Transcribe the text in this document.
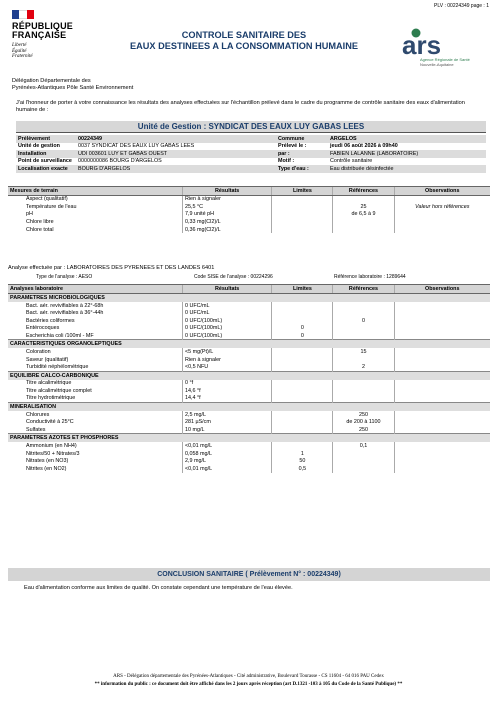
PLV : 00224349 page : 1
RÉPUBLIQUE
FRANÇAISE
Liberté
Égalité
Fraternité
CONTROLE SANITAIRE DES
EAUX DESTINEES A LA CONSOMMATION HUMAINE	ars
Agence Régionale de Santé
Nouvelle-Aquitaine
Délégation Départementale des
Pyrénées-Atlantiques Pôle Santé Environnement
J'ai l'honneur de porter à votre connaissance les résultats des analyses effectuées sur l'échantillon prélevé dans le cadre du programme de contrôle sanitaire des eaux d'alimentation humaine de :
Unité de Gestion : SYNDICAT DES EAUX LUY GABAS LEES
Prélèvement	00224349	Commune	ARGELOS
Unité de gestion	0037 SYNDICAT DES EAUX LUY GABAS LEES	Prélevé le :	jeudi 06 août 2026 à 09h40
Installation	UDI 003601 LUY ET GABAS OUEST	par :	FABIEN LALANNE (LABORATOIRE)
Point de surveillance	0000000086 BOURG D'ARGELOS	Motif :	Contrôle sanitaire
Localisation exacte	BOURG D'ARGELOS	Type d'eau :	Eau distribuée désinfectée
Mesures de terrain	Résultats	Limites	Références	Observations
Aspect (qualitatif)	Rien à signaler			
Température de l'eau	25,5 °C		25	Valeur hors références
pH	7,9 unité pH		de 6,5 à 9	
Chlore libre	0,33 mg(Cl2)/L			
Chlore total	0,36 mg(Cl2)/L			
Analyse effectuée par : LABORATOIRES DES PYRENEES ET DES LANDES 6401
Type de l'analyse : AESO	Code SISE de l'analyse : 00224296	Référence laboratoire : 1289644
Analyses laboratoire	Résultats	Limites	Références	Observations
PARAMETRES MICROBIOLOGIQUES				
Bact. aér. revivifiables à 22°-68h	0 UFC/mL			
Bact. aér. revivifiables à 36°-44h	0 UFC/mL			
Bactéries coliformes	0 UFC/(100mL)		0	
Entérocoques	0 UFC/(100mL)	0		
Escherichia coli /100ml - MF	0 UFC/(100mL)	0		
CARACTERISTIQUES ORGANOLEPTIQUES				
Coloration	<5 mg(Pt)/L		15	
Saveur (qualitatif)	Rien à signaler			
Turbidité néphélométrique	<0,5 NFU		2	
EQUILIBRE CALCO-CARBONIQUE				
Titre alcalimétrique	0 °f			
Titre alcalimétrique complet	14,6 °f			
Titre hydrotimétrique	14,4 °f			
MINERALISATION				
Chlorures	2,5 mg/L		250	
Conductivité à 25°C	281 µS/cm		de 200 à 1100	
Sulfates	10 mg/L		250	
PARAMETRES AZOTES ET PHOSPHORES				
Ammonium (en NH4)	<0,01 mg/L		0,1	
Nitrites/50 + Nitrates/3	0,058 mg/L	1		
Nitrates (en NO3)	2,9 mg/L	50		
Nitrites (en NO2)	<0,01 mg/L	0,5		
CONCLUSION SANITAIRE ( Prélèvement N° : 00224349)
Eau d'alimentation conforme aux limites de qualité. On constate cependant une température de l'eau élevée.
ARS - Délégation départementale des Pyrénées-Atlantiques - Cité administrative, Boulevard Tourasse - CS 11604 - 64 016 PAU Cedex
** information du public : ce document doit être affiché dans les 2 jours après réception (art D.1321 -103 à 105 du Code de la Santé Publique) **
